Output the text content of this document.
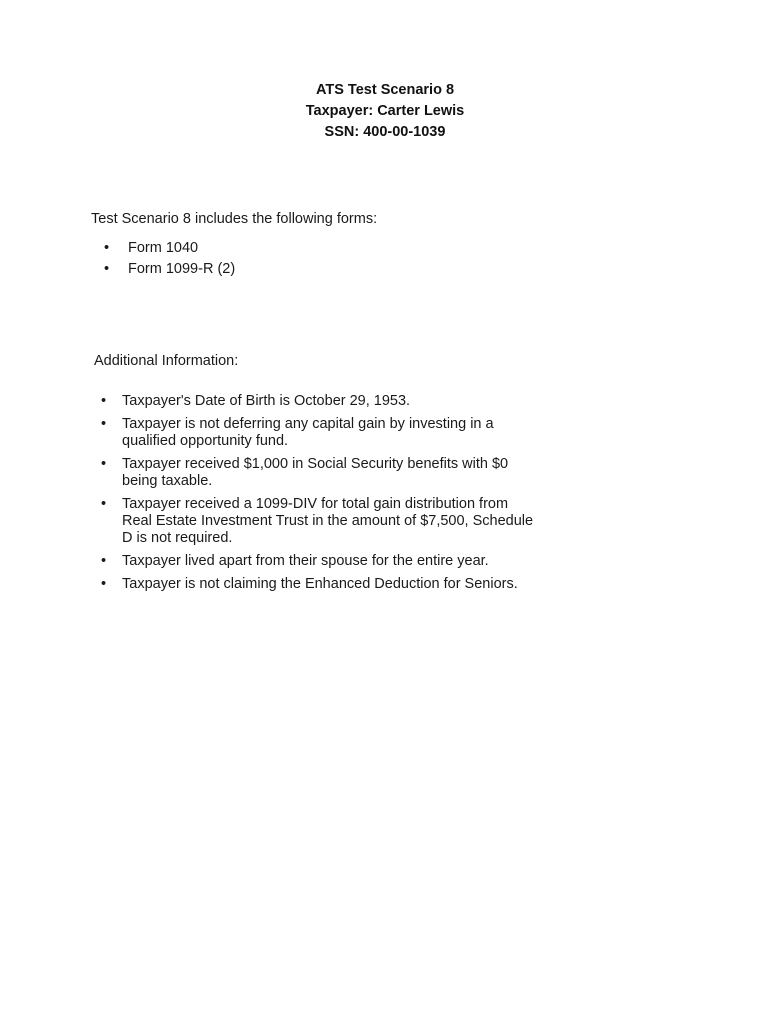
ATS Test Scenario 8
Taxpayer: Carter Lewis
SSN: 400-00-1039
Test Scenario 8 includes the following forms:
• Form 1040
• Form 1099-R (2)
Additional Information:
• Taxpayer's Date of Birth is October 29, 1953.
• Taxpayer is not deferring any capital gain by investing in a qualified opportunity fund.
• Taxpayer received $1,000 in Social Security benefits with $0 being taxable.
• Taxpayer received a 1099-DIV for total gain distribution from Real Estate Investment Trust in the amount of $7,500, Schedule D is not required.
• Taxpayer lived apart from their spouse for the entire year.
• Taxpayer is not claiming the Enhanced Deduction for Seniors.
